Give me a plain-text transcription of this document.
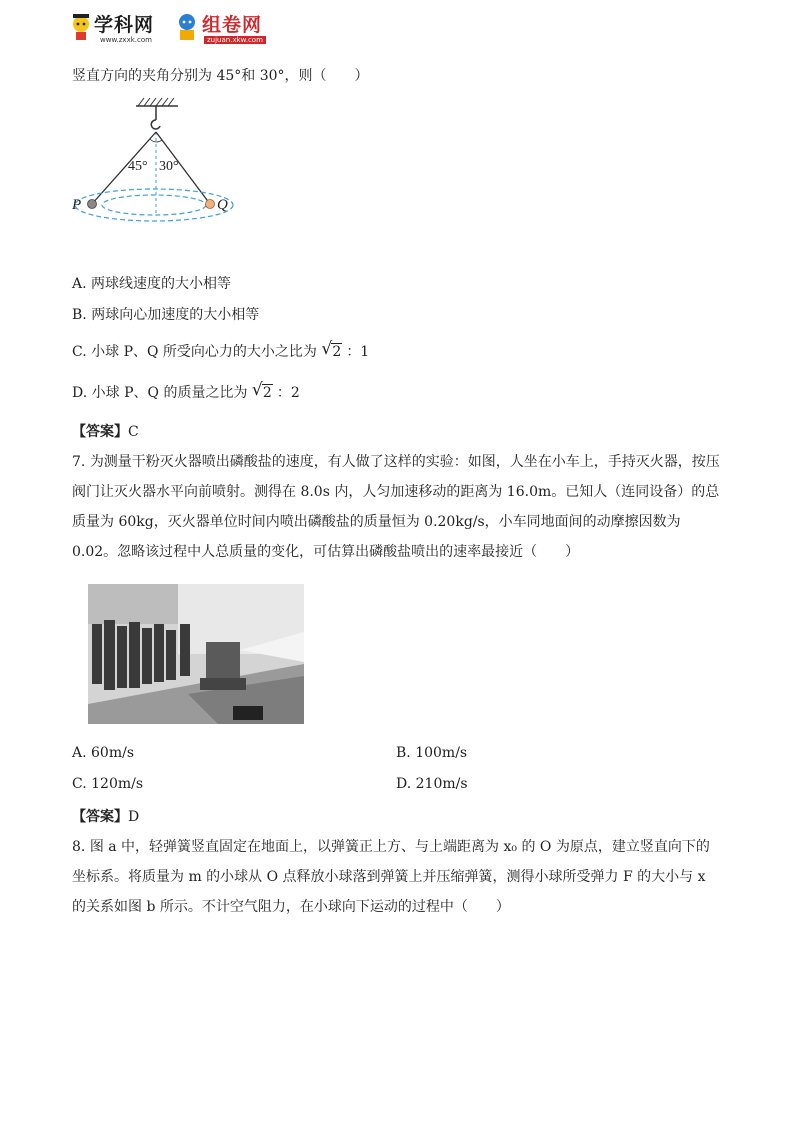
学科网
www.zxxk.com
组卷网
zujuan.xkw.com
竖直方向的夹角分别为 45°和 30°，则（　　）
45° 30°
P	Q
A. 两球线速度的大小相等
B. 两球向心加速度的大小相等
C. 小球 P、Q 所受向心力的大小之比为 √ 2 ：1
D. 小球 P、Q 的质量之比为 √ 2 ：2
【答案】C
7. 为测量干粉灭火器喷出磷酸盐的速度，有人做了这样的实验：如图，人坐在小车上，手持灭火器，按压阀门让灭火器水平向前喷射。测得在 8.0s 内，人匀加速移动的距离为 16.0m。已知人（连同设备）的总质量为 60kg，灭火器单位时间内喷出磷酸盐的质量恒为 0.20kg/s，小车同地面间的动摩擦因数为 0.02。忽略该过程中人总质量的变化，可估算出磷酸盐喷出的速率最接近（　　）
A. 60m/s	B. 100m/s
C. 120m/s	D. 210m/s
【答案】D
8. 图 a 中，轻弹簧竖直固定在地面上，以弹簧正上方、与上端距离为 x₀ 的 O 为原点，建立竖直向下的坐标系。将质量为 m 的小球从 O 点释放小球落到弹簧上并压缩弹簧，测得小球所受弹力 F 的大小与 x 的关系如图 b 所示。不计空气阻力，在小球向下运动的过程中（　　）
